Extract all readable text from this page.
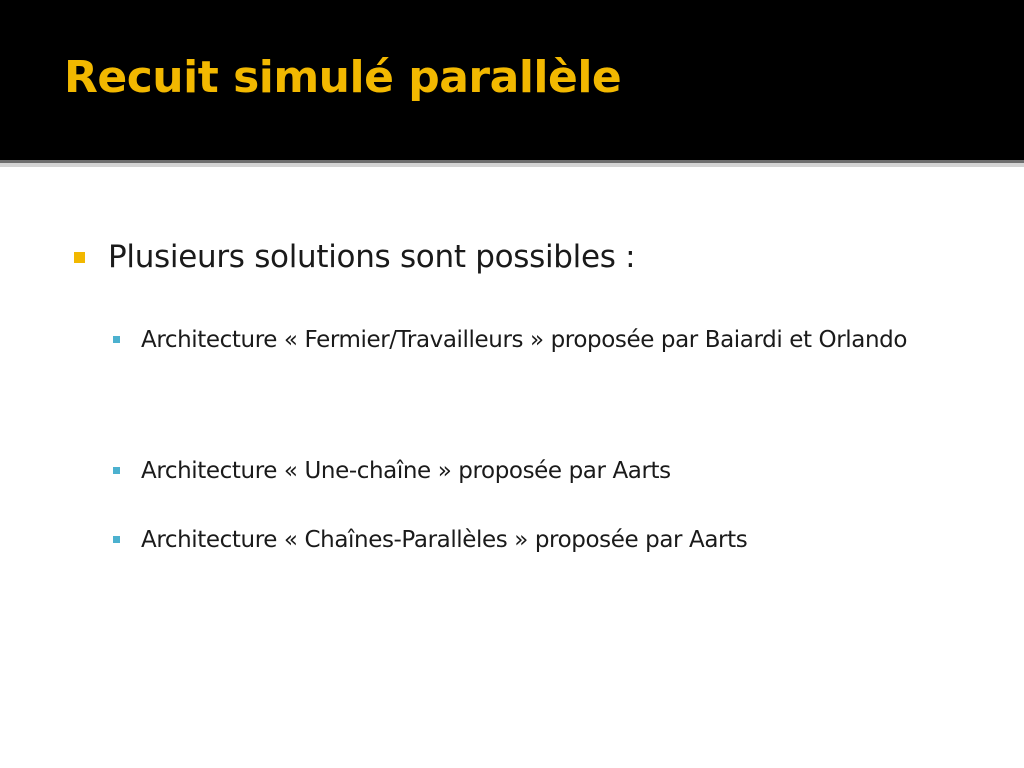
Recuit simulé parallèle
Plusieurs solutions sont possibles :
Architecture « Fermier/Travailleurs » proposée par Baiardi et Orlando
Architecture « Une-chaîne » proposée par Aarts
Architecture « Chaînes-Parallèles » proposée par Aarts
